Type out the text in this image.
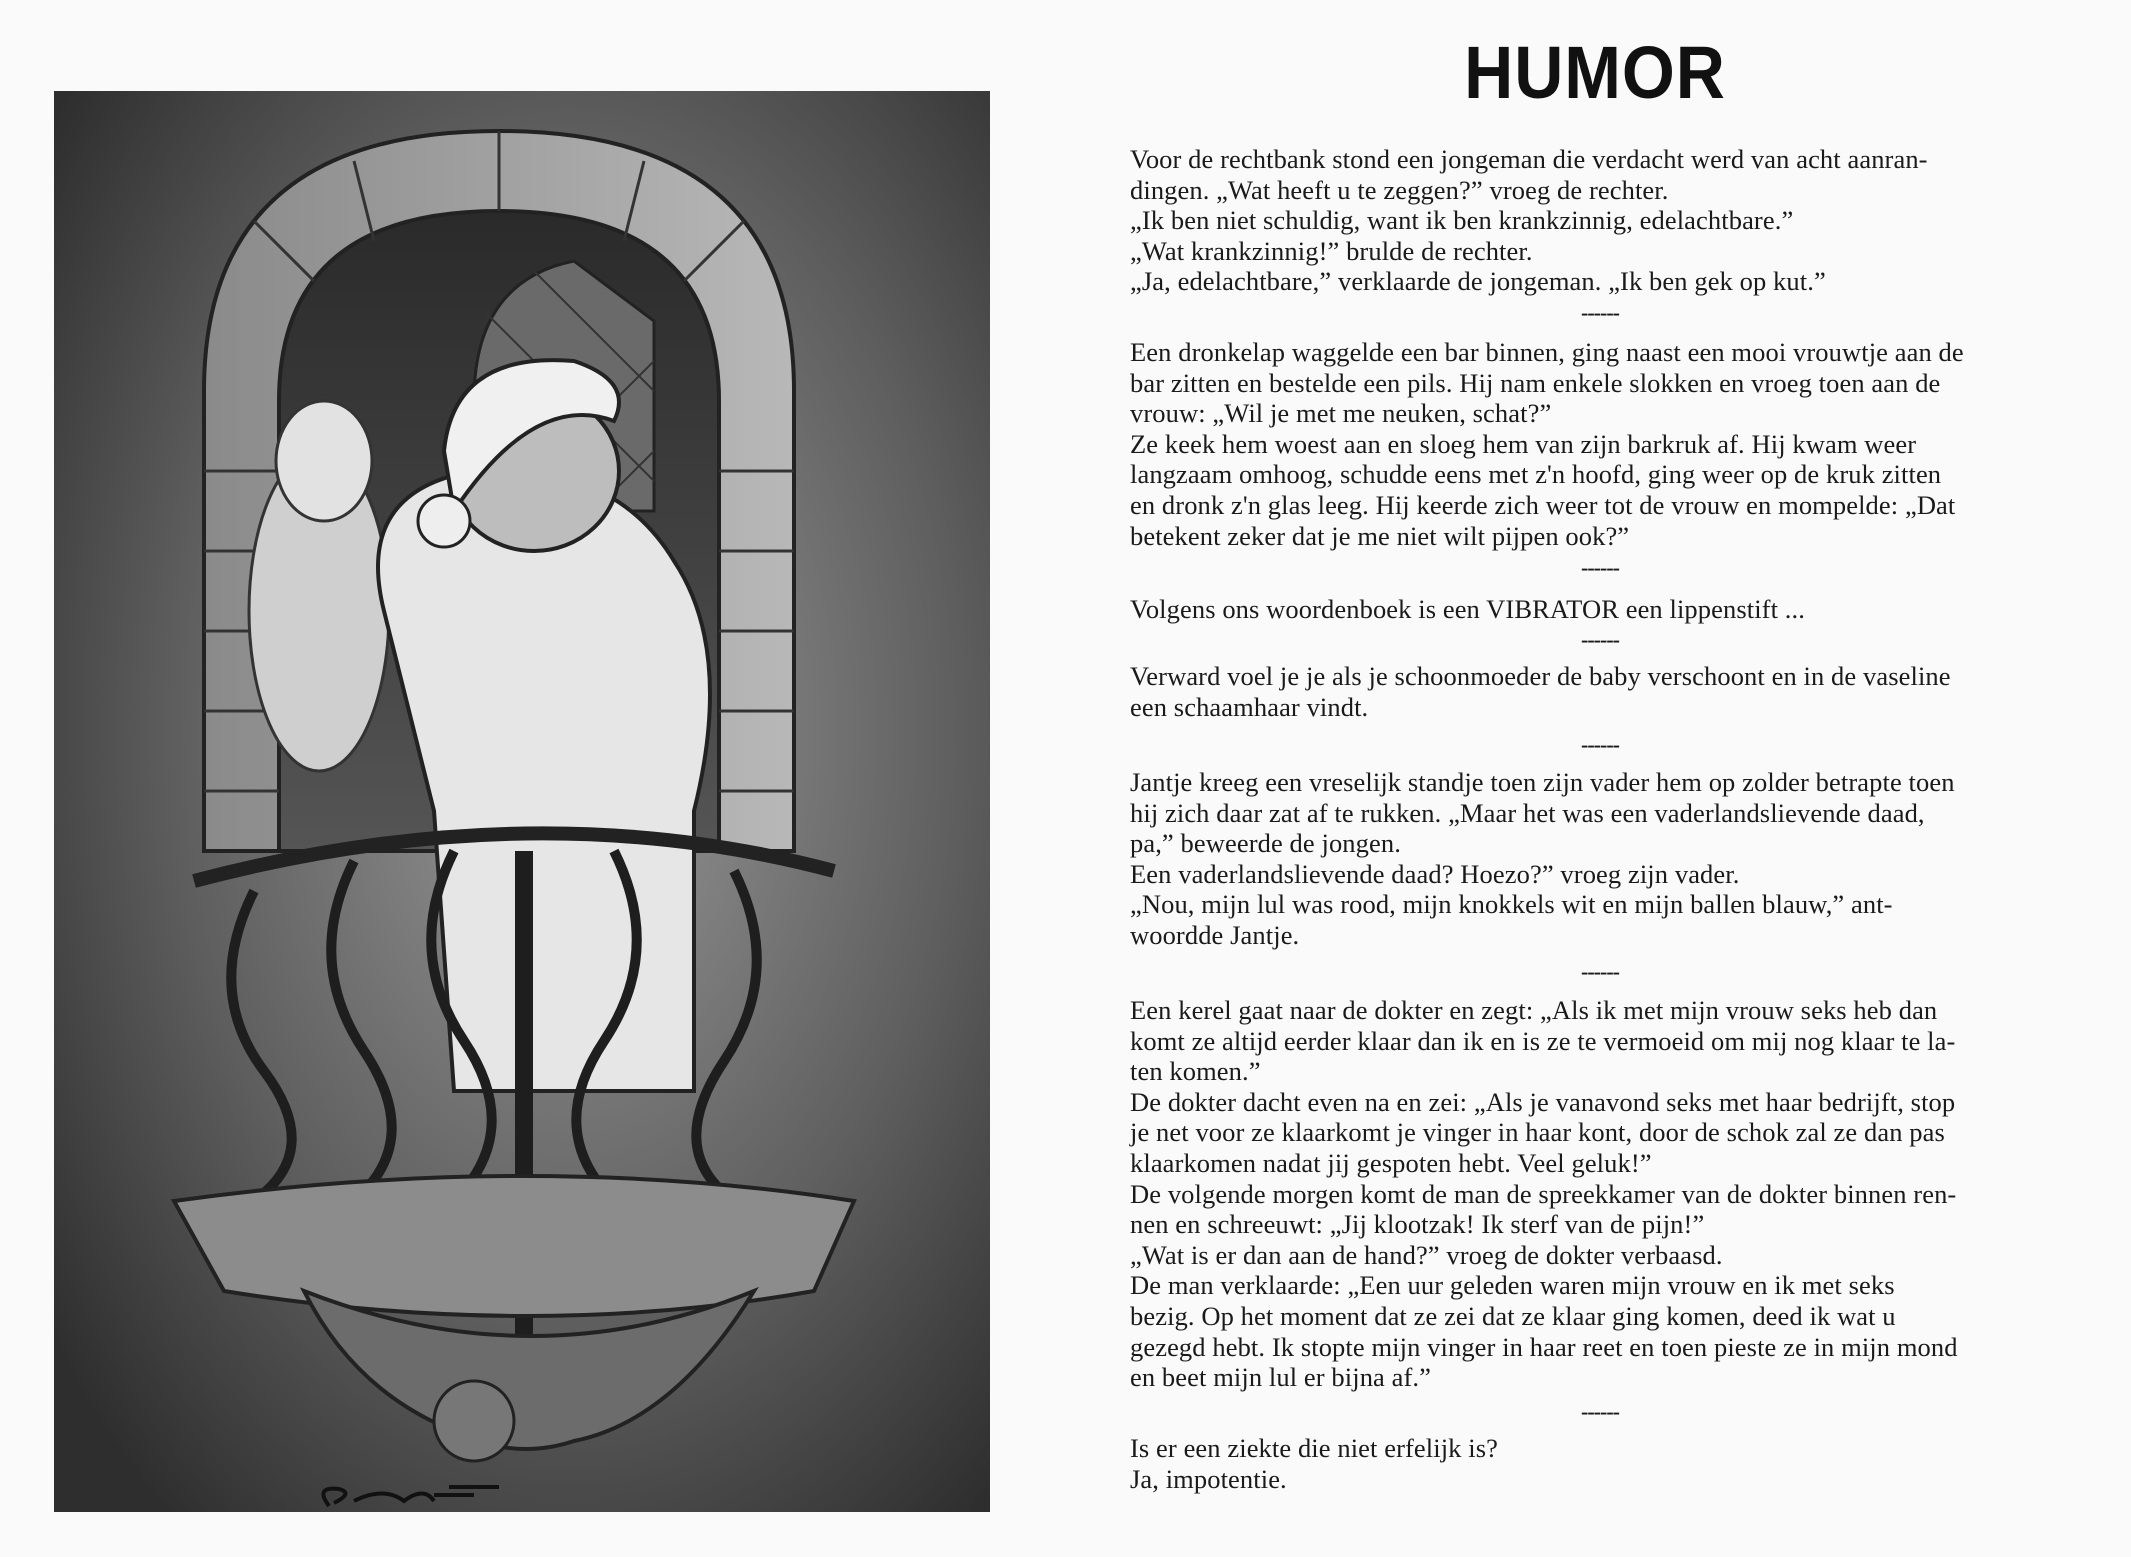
HUMOR
Voor de rechtbank stond een jongeman die verdacht werd van acht aanran-
dingen. „Wat heeft u te zeggen?” vroeg de rechter.
„Ik ben niet schuldig, want ik ben krankzinnig, edelachtbare.”
„Wat krankzinnig!” brulde de rechter.
„Ja, edelachtbare,” verklaarde de jongeman. „Ik ben gek op kut.”
------
Een dronkelap waggelde een bar binnen, ging naast een mooi vrouwtje aan de
bar zitten en bestelde een pils. Hij nam enkele slokken en vroeg toen aan de
vrouw: „Wil je met me neuken, schat?”
Ze keek hem woest aan en sloeg hem van zijn barkruk af. Hij kwam weer
langzaam omhoog, schudde eens met z'n hoofd, ging weer op de kruk zitten
en dronk z'n glas leeg. Hij keerde zich weer tot de vrouw en mompelde: „Dat
betekent zeker dat je me niet wilt pijpen ook?”
------
Volgens ons woordenboek is een VIBRATOR een lippenstift ...
------
Verward voel je je als je schoonmoeder de baby verschoont en in de vaseline
een schaamhaar vindt.
------
Jantje kreeg een vreselijk standje toen zijn vader hem op zolder betrapte toen
hij zich daar zat af te rukken. „Maar het was een vaderlandslievende daad,
pa,” beweerde de jongen.
Een vaderlandslievende daad? Hoezo?” vroeg zijn vader.
„Nou, mijn lul was rood, mijn knokkels wit en mijn ballen blauw,” ant-
woordde Jantje.
------
Een kerel gaat naar de dokter en zegt: „Als ik met mijn vrouw seks heb dan
komt ze altijd eerder klaar dan ik en is ze te vermoeid om mij nog klaar te la-
ten komen.”
De dokter dacht even na en zei: „Als je vanavond seks met haar bedrijft, stop
je net voor ze klaarkomt je vinger in haar kont, door de schok zal ze dan pas
klaarkomen nadat jij gespoten hebt. Veel geluk!”
De volgende morgen komt de man de spreekkamer van de dokter binnen ren-
nen en schreeuwt: „Jij klootzak! Ik sterf van de pijn!”
„Wat is er dan aan de hand?” vroeg de dokter verbaasd.
De man verklaarde: „Een uur geleden waren mijn vrouw en ik met seks
bezig. Op het moment dat ze zei dat ze klaar ging komen, deed ik wat u
gezegd hebt. Ik stopte mijn vinger in haar reet en toen pieste ze in mijn mond
en beet mijn lul er bijna af.”
------
Is er een ziekte die niet erfelijk is?
Ja, impotentie.
